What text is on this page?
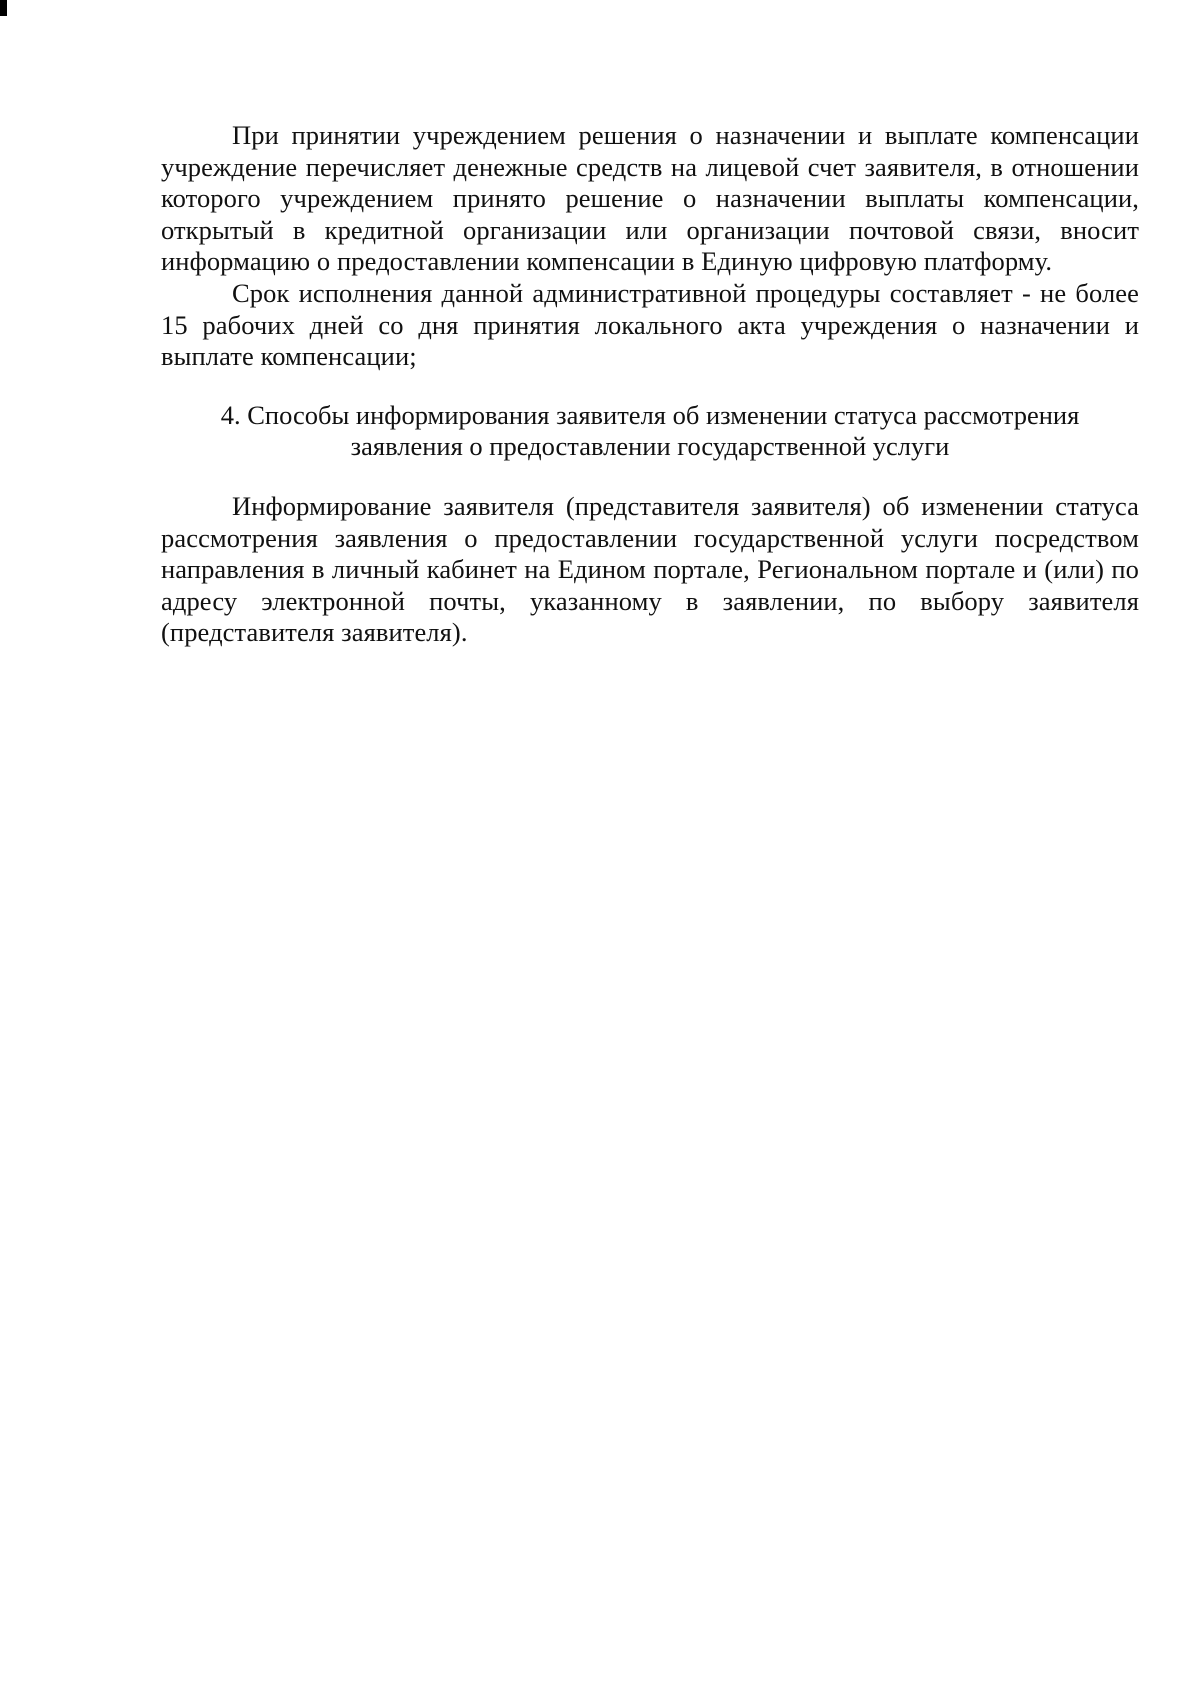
При принятии учреждением решения о назначении и выплате компенсации учреждение перечисляет денежные средств на лицевой счет заявителя, в отношении которого учреждением принято решение о назначении выплаты компенсации, открытый в кредитной организации или организации почтовой связи, вносит информацию о предоставлении компенсации в Единую цифровую платформу.

Срок исполнения данной административной процедуры составляет - не более 15 рабочих дней со дня принятия локального акта учреждения о назначении и выплате компенсации;

4. Способы информирования заявителя об изменении статуса рассмотрения
заявления о предоставлении государственной услуги

Информирование заявителя (представителя заявителя) об изменении статуса рассмотрения заявления о предоставлении государственной услуги посредством направления в личный кабинет на Едином портале, Региональном портале и (или) по адресу электронной почты, указанному в заявлении, по выбору заявителя (представителя заявителя).
